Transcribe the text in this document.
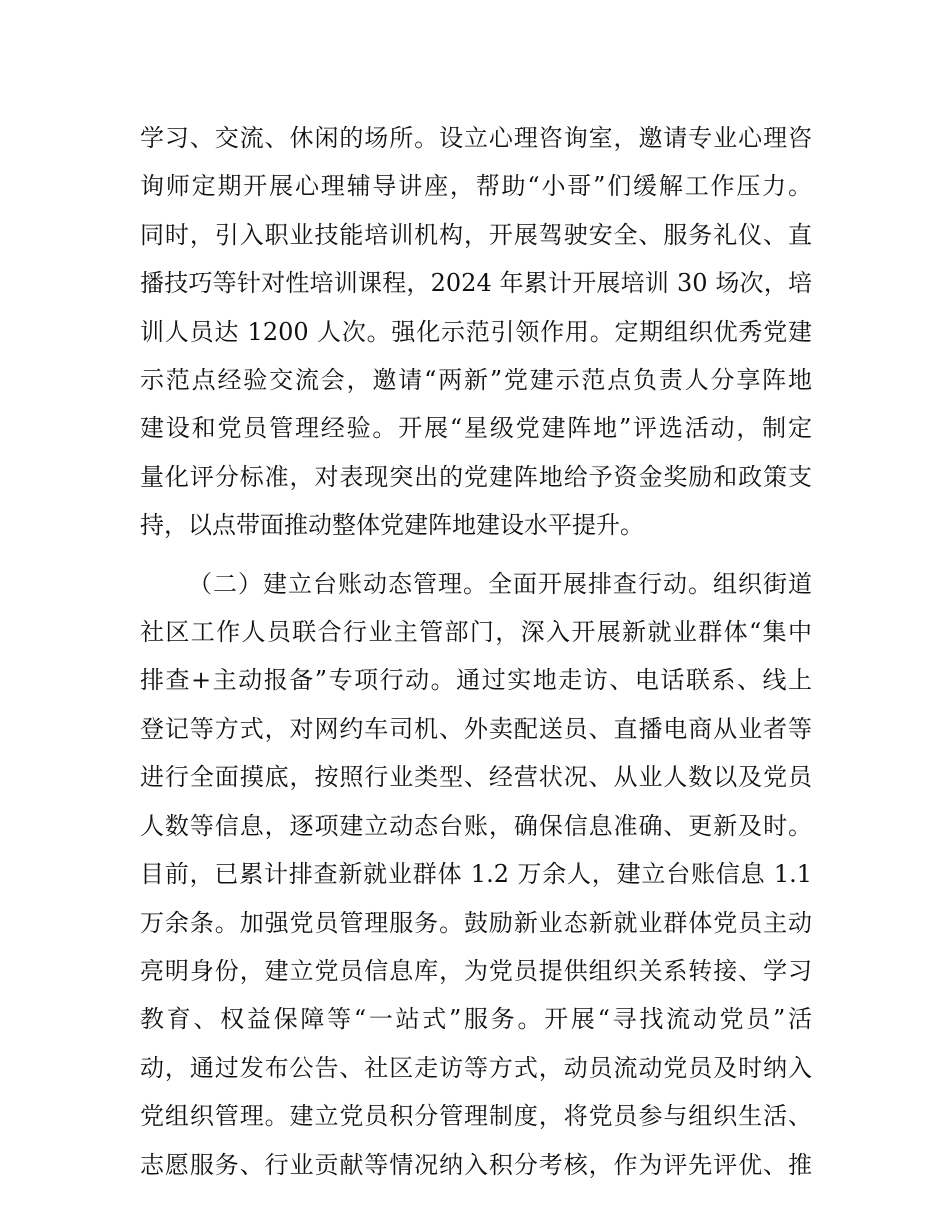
学习、交流、休闲的场所。设立心理咨询室，邀请专业心理咨
询师定期开展心理辅导讲座，帮助“小哥”们缓解工作压力。
同时，引入职业技能培训机构，开展驾驶安全、服务礼仪、直
播技巧等针对性培训课程，2024 年累计开展培训 30 场次，培
训人员达 1200 人次。强化示范引领作用。定期组织优秀党建
示范点经验交流会，邀请“两新”党建示范点负责人分享阵地
建设和党员管理经验。开展“星级党建阵地”评选活动，制定
量化评分标准，对表现突出的党建阵地给予资金奖励和政策支
持，以点带面推动整体党建阵地建设水平提升。

（二）建立台账动态管理。全面开展排查行动。组织街道
社区工作人员联合行业主管部门，深入开展新就业群体“集中
排查+主动报备”专项行动。通过实地走访、电话联系、线上
登记等方式，对网约车司机、外卖配送员、直播电商从业者等
进行全面摸底，按照行业类型、经营状况、从业人数以及党员
人数等信息，逐项建立动态台账，确保信息准确、更新及时。
目前，已累计排查新就业群体 1.2 万余人，建立台账信息 1.1
万余条。加强党员管理服务。鼓励新业态新就业群体党员主动
亮明身份，建立党员信息库，为党员提供组织关系转接、学习
教育、权益保障等“一站式”服务。开展“寻找流动党员”活
动，通过发布公告、社区走访等方式，动员流动党员及时纳入
党组织管理。建立党员积分管理制度，将党员参与组织生活、
志愿服务、行业贡献等情况纳入积分考核，作为评先评优、推
